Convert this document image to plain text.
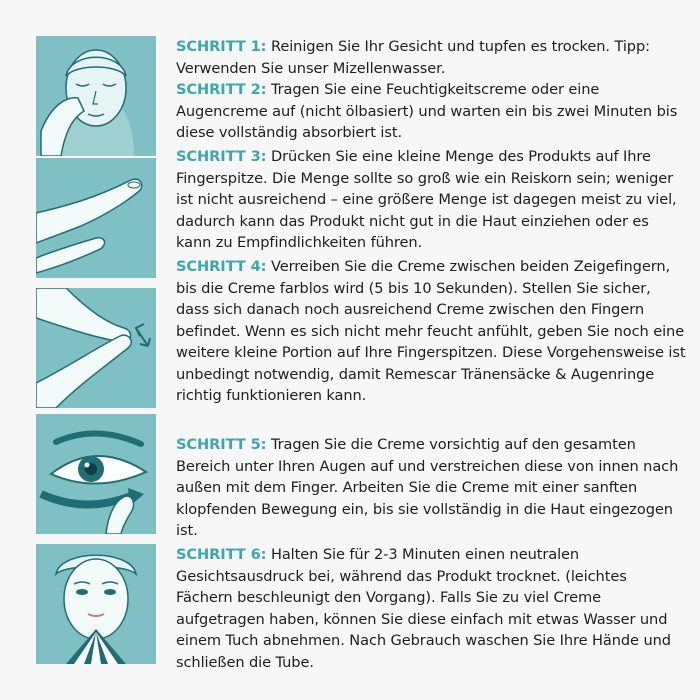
SCHRITT 1: Reinigen Sie Ihr Gesicht und tupfen es trocken. Tipp: Verwenden Sie unser Mizellenwasser.
SCHRITT 2: Tragen Sie eine Feuchtigkeitscreme oder eine Augencreme auf (nicht ölbasiert) und warten ein bis zwei Minuten bis diese vollständig absorbiert ist.
SCHRITT 3: Drücken Sie eine kleine Menge des Produkts auf Ihre Fingerspitze. Die Menge sollte so groß wie ein Reiskorn sein; weniger ist nicht ausreichend – eine größere Menge ist dagegen meist zu viel, dadurch kann das Produkt nicht gut in die Haut einziehen oder es kann zu Empfindlichkeiten führen.
SCHRITT 4: Verreiben Sie die Creme zwischen beiden Zeigefingern, bis die Creme farblos wird (5 bis 10 Sekunden). Stellen Sie sicher, dass sich danach noch ausreichend Creme zwischen den Fingern befindet. Wenn es sich nicht mehr feucht anfühlt, geben Sie noch eine weitere kleine Portion auf Ihre Fingerspitzen. Diese Vorgehensweise ist unbedingt notwendig, damit Remescar Tränensäcke & Augenringe richtig funktionieren kann.
SCHRITT 5: Tragen Sie die Creme vorsichtig auf den gesamten Bereich unter Ihren Augen auf und verstreichen diese von innen nach außen mit dem Finger. Arbeiten Sie die Creme mit einer sanften klopfenden Bewegung ein, bis sie vollständig in die Haut eingezogen ist.
SCHRITT 6: Halten Sie für 2-3 Minuten einen neutralen Gesichtsausdruck bei, während das Produkt trocknet. (leichtes Fächern beschleunigt den Vorgang). Falls Sie zu viel Creme aufgetragen haben, können Sie diese einfach mit etwas Wasser und einem Tuch abnehmen. Nach Gebrauch waschen Sie Ihre Hände und schließen die Tube.
